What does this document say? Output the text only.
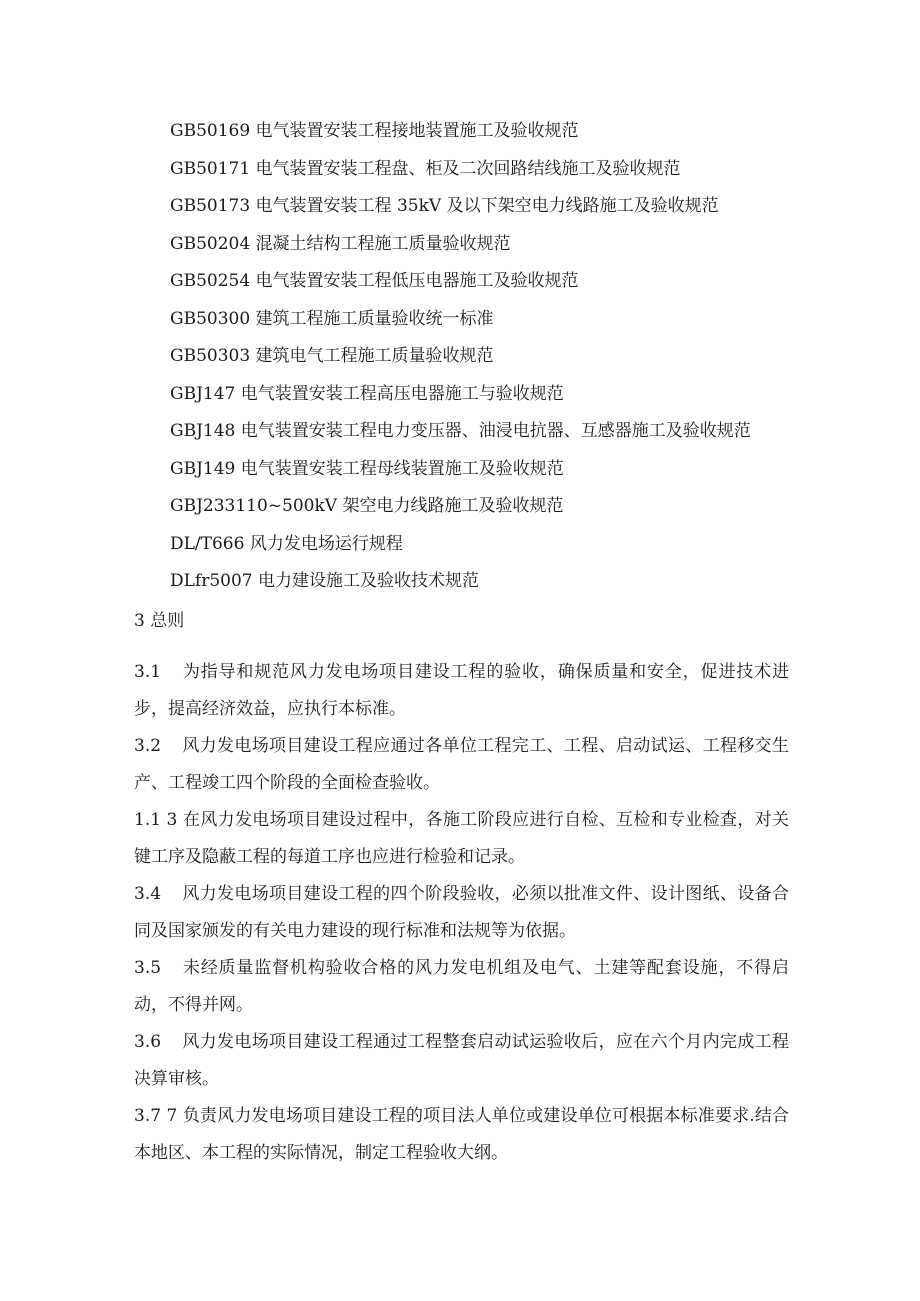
GB50169 电气装置安装工程接地装置施工及验收规范
GB50171 电气装置安装工程盘、柜及二次回路结线施工及验收规范
GB50173 电气装置安装工程 35kV 及以下架空电力线路施工及验收规范
GB50204 混凝土结构工程施工质量验收规范
GB50254 电气装置安装工程低压电器施工及验收规范
GB50300 建筑工程施工质量验收统一标准
GB50303 建筑电气工程施工质量验收规范
GBJ147 电气装置安装工程高压电器施工与验收规范
GBJ148 电气装置安装工程电力变压器、油浸电抗器、互感器施工及验收规范
GBJ149 电气装置安装工程母线装置施工及验收规范
GBJ233110~500kV 架空电力线路施工及验收规范
DL/T666 风力发电场运行规程
DLfr5007 电力建设施工及验收技术规范
3 总则
3.1 为指导和规范风力发电场项目建设工程的验收，确保质量和安全，促进技术进步，提高经济效益，应执行本标准。
3.2 风力发电场项目建设工程应通过各单位工程完工、工程、启动试运、工程移交生产、工程竣工四个阶段的全面检查验收。
1.1 3 在风力发电场项目建设过程中，各施工阶段应进行自检、互检和专业检查，对关键工序及隐蔽工程的每道工序也应进行检验和记录。
3.4 风力发电场项目建设工程的四个阶段验收，必须以批准文件、设计图纸、设备合同及国家颁发的有关电力建设的现行标准和法规等为依据。
3.5 未经质量监督机构验收合格的风力发电机组及电气、土建等配套设施，不得启动，不得并网。
3.6 风力发电场项目建设工程通过工程整套启动试运验收后，应在六个月内完成工程决算审核。
3.7 7 负责风力发电场项目建设工程的项目法人单位或建设单位可根据本标准要求.结合本地区、本工程的实际情况，制定工程验收大纲。
